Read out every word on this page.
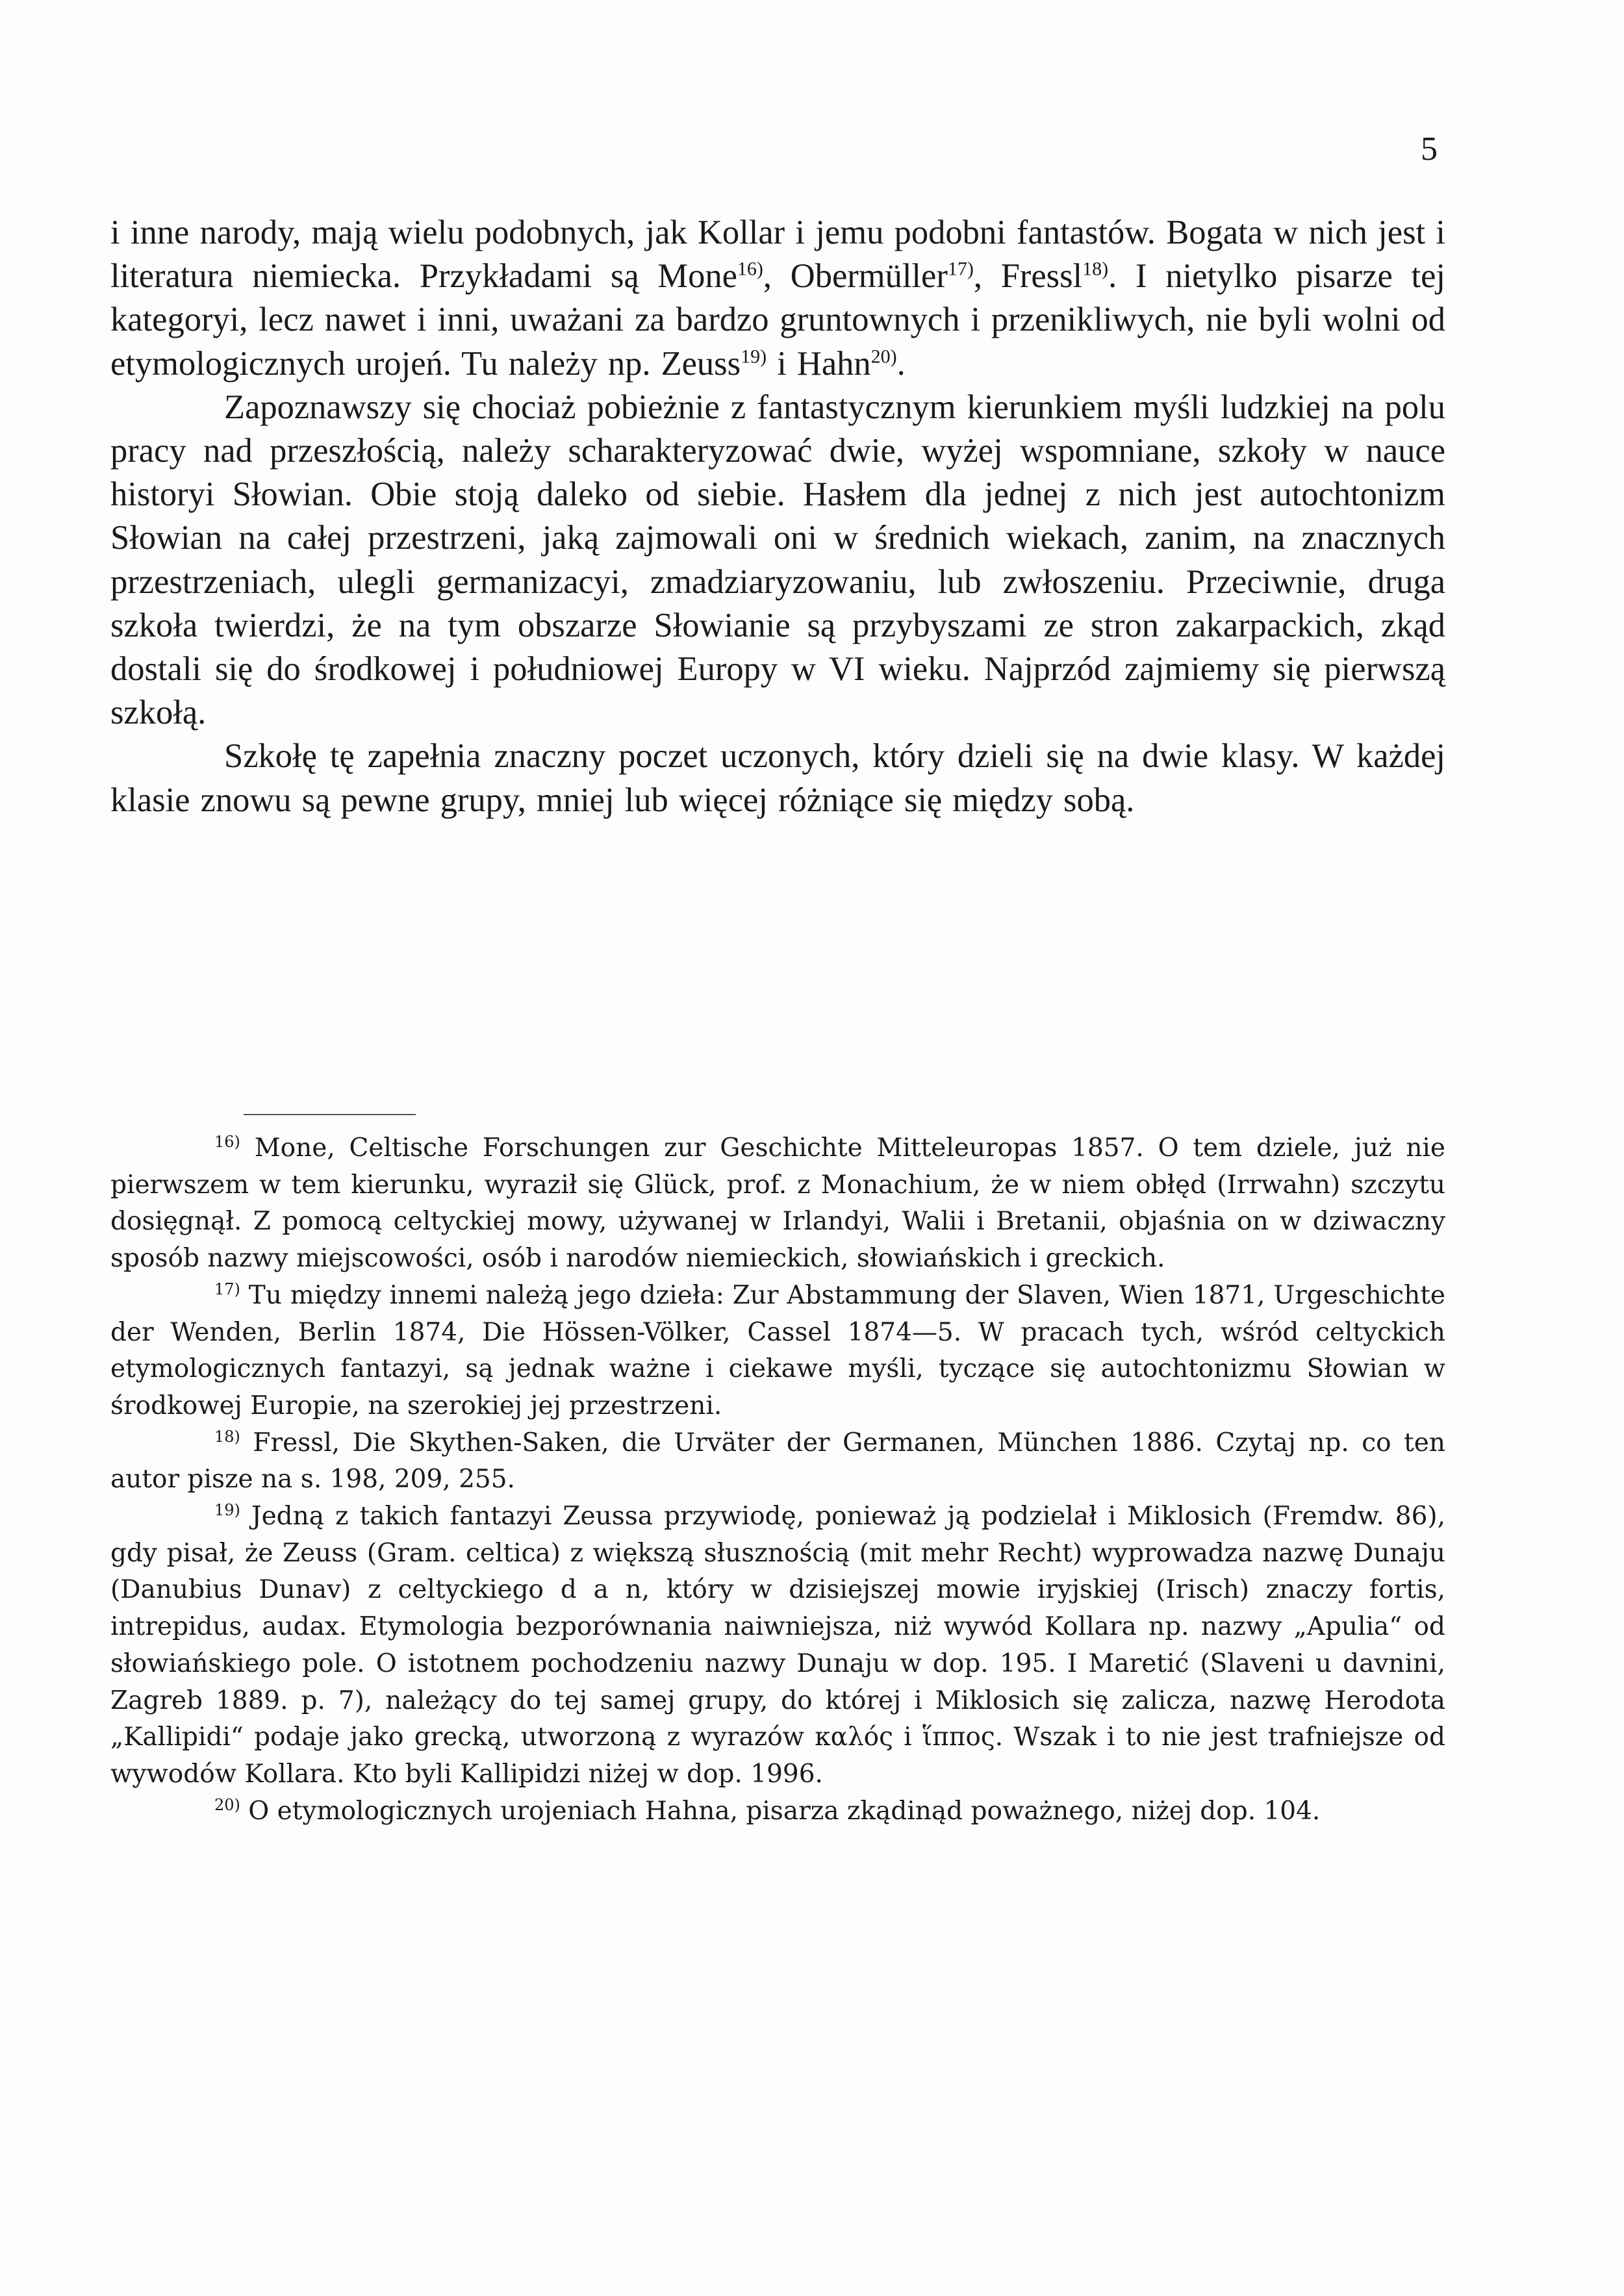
5

i inne narody, mają wielu podobnych, jak Kollar i jemu podobni fantastów. Bogata w nich jest i literatura niemiecka. Przykładami są Mone$^{16)}$, Obermüller$^{17)}$, Fressl$^{18)}$. I nietylko pisarze tej kategoryi, lecz nawet i inni, uważani za bardzo gruntownych i przenikliwych, nie byli wolni od etymologicznych urojeń. Tu należy np. Zeuss$^{19)}$ i Hahn$^{20)}$.

Zapoznawszy się chociaż pobieżnie z fantastycznym kierunkiem myśli ludzkiej na polu pracy nad przeszłością, należy scharakteryzować dwie, wyżej wspomniane, szkoły w nauce historyi Słowian. Obie stoją daleko od siebie. Hasłem dla jednej z nich jest autochtonizm Słowian na całej przestrzeni, jaką zajmowali oni w średnich wiekach, zanim, na znacznych przestrzeniach, ulegli germanizacyi, zmadziaryzowaniu, lub zwłoszeniu. Przeciwnie, druga szkoła twierdzi, że na tym obszarze Słowianie są przybyszami ze stron zakarpackich, zkąd dostali się do środkowej i południowej Europy w VI wieku. Najprzód zajmiemy się pierwszą szkołą.

Szkołę tę zapełnia znaczny poczet uczonych, który dzieli się na dwie klasy. W każdej klasie znowu są pewne grupy, mniej lub więcej różniące się między sobą.

$^{16)}$ Mone, Celtische Forschungen zur Geschichte Mitteleuropas 1857. O tem dziele, już nie pierwszem w tem kierunku, wyraził się Glück, prof. z Monachium, że w niem obłęd (Irrwahn) szczytu dosięgnął. Z pomocą celtyckiej mowy, używanej w Irlandyi, Walii i Bretanii, objaśnia on w dziwaczny sposób nazwy miejscowości, osób i narodów niemieckich, słowiańskich i greckich.

$^{17)}$ Tu między innemi należą jego dzieła: Zur Abstammung der Slaven, Wien 1871, Urgeschichte der Wenden, Berlin 1874, Die Hössen-Völker, Cassel 1874—5. W pracach tych, wśród celtyckich etymologicznych fantazyi, są jednak ważne i ciekawe myśli, tyczące się autochtonizmu Słowian w środkowej Europie, na szerokiej jej przestrzeni.

$^{18)}$ Fressl, Die Skythen-Saken, die Urväter der Germanen, München 1886. Czytaj np. co ten autor pisze na s. 198, 209, 255.

$^{19)}$ Jedną z takich fantazyi Zeussa przywiodę, ponieważ ją podzielał i Miklosich (Fremdw. 86), gdy pisał, że Zeuss (Gram. celtica) z większą słusznością (mit mehr Recht) wyprowadza nazwę Dunaju (Danubius Dunav) z celtyckiego d a n, który w dzisiejszej mowie iryjskiej (Irisch) znaczy fortis, intrepidus, audax. Etymologia bezporównania naiwniejsza, niż wywód Kollara np. nazwy „Apulia“ od słowiańskiego pole. O istotnem pochodzeniu nazwy Dunaju w dop. 195. I Maretić (Slaveni u davnini, Zagreb 1889. p. 7), należący do tej samej grupy, do której i Miklosich się zalicza, nazwę Herodota „Kallipidi“ podaje jako grecką, utworzoną z wyrazów καλός i ἵππος. Wszak i to nie jest trafniejsze od wywodów Kollara. Kto byli Kallipidzi niżej w dop. 1996.

$^{20)}$ O etymologicznych urojeniach Hahna, pisarza zkądinąd poważnego, niżej dop. 104.
